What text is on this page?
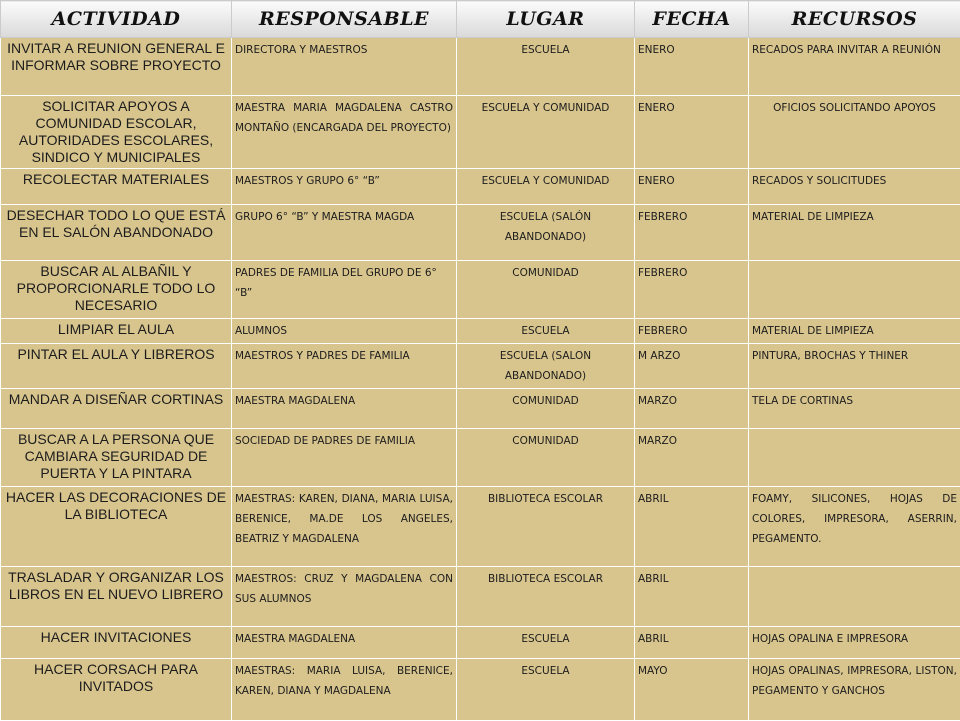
ACTIVIDAD	RESPONSABLE	LUGAR	FECHA	RECURSOS
INVITAR A REUNION GENERAL E INFORMAR SOBRE PROYECTO	DIRECTORA Y MAESTROS	ESCUELA	ENERO	RECADOS PARA INVITAR A REUNIÓN
SOLICITAR APOYOS A COMUNIDAD ESCOLAR, AUTORIDADES ESCOLARES, SINDICO Y MUNICIPALES	MAESTRA MARIA MAGDALENA CASTRO MONTAÑO (ENCARGADA DEL PROYECTO)	ESCUELA Y COMUNIDAD	ENERO	OFICIOS SOLICITANDO APOYOS
RECOLECTAR MATERIALES	MAESTROS Y GRUPO 6° “B”	ESCUELA Y COMUNIDAD	ENERO	RECADOS Y SOLICITUDES
DESECHAR TODO LO QUE ESTÁ EN EL SALÓN ABANDONADO	GRUPO 6° “B” Y MAESTRA MAGDA	ESCUELA (SALÓN ABANDONADO)	FEBRERO	MATERIAL DE LIMPIEZA
BUSCAR AL ALBAÑIL Y PROPORCIONARLE TODO LO NECESARIO	PADRES DE FAMILIA DEL GRUPO DE 6° “B”	COMUNIDAD	FEBRERO	
LIMPIAR EL AULA	ALUMNOS	ESCUELA	FEBRERO	MATERIAL DE LIMPIEZA
PINTAR EL AULA Y LIBREROS	MAESTROS Y PADRES DE FAMILIA	ESCUELA (SALON ABANDONADO)	M ARZO	PINTURA, BROCHAS Y THINER
MANDAR A DISEÑAR CORTINAS	MAESTRA MAGDALENA	COMUNIDAD	MARZO	TELA DE CORTINAS
BUSCAR A LA PERSONA QUE CAMBIARA SEGURIDAD DE PUERTA Y LA PINTARA	SOCIEDAD DE PADRES DE FAMILIA	COMUNIDAD	MARZO	
HACER LAS DECORACIONES DE LA BIBLIOTECA	MAESTRAS: KAREN, DIANA, MARIA LUISA, BERENICE, MA.DE LOS ANGELES, BEATRIZ Y MAGDALENA	BIBLIOTECA ESCOLAR	ABRIL	FOAMY, SILICONES, HOJAS DE COLORES, IMPRESORA, ASERRIN, PEGAMENTO.
TRASLADAR Y ORGANIZAR LOS LIBROS EN EL NUEVO LIBRERO	MAESTROS: CRUZ Y MAGDALENA CON SUS ALUMNOS	BIBLIOTECA ESCOLAR	ABRIL	
HACER INVITACIONES	MAESTRA MAGDALENA	ESCUELA	ABRIL	HOJAS OPALINA E IMPRESORA
HACER CORSACH PARA INVITADOS	MAESTRAS: MARIA LUISA, BERENICE, KAREN, DIANA Y MAGDALENA	ESCUELA	MAYO	HOJAS OPALINAS, IMPRESORA, LISTON, PEGAMENTO Y GANCHOS
